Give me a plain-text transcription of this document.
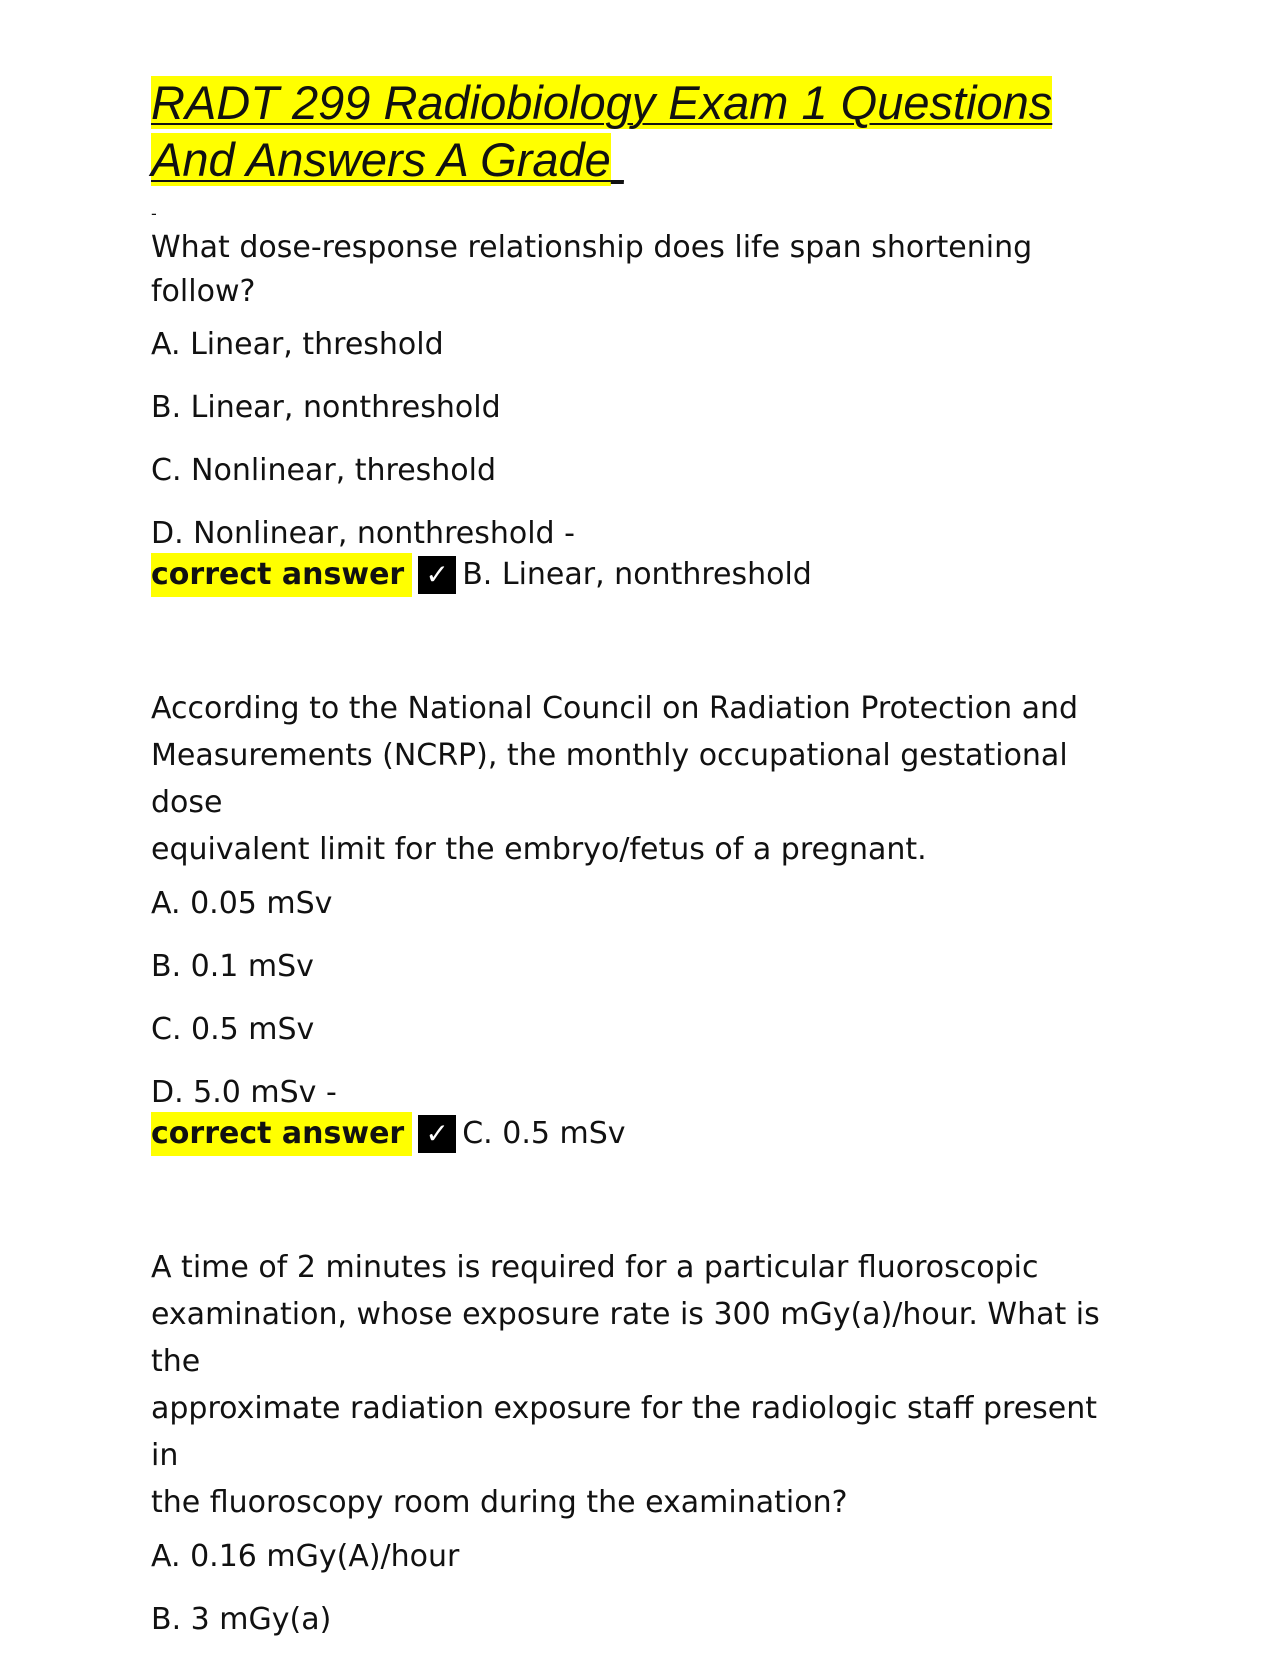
RADT 299 Radiobiology Exam 1 Questions
And Answers A Grade
-

What dose-response relationship does life span shortening follow?

A. Linear, threshold

B. Linear, nonthreshold

C. Nonlinear, threshold

D. Nonlinear, nonthreshold -

correct answer ✓ B. Linear, nonthreshold

According to the National Council on Radiation Protection and

Measurements (NCRP), the monthly occupational gestational dose

equivalent limit for the embryo/fetus of a pregnant.

A. 0.05 mSv

B. 0.1 mSv

C. 0.5 mSv

D. 5.0 mSv -

correct answer ✓ C. 0.5 mSv

A time of 2 minutes is required for a particular fluoroscopic

examination, whose exposure rate is 300 mGy(a)/hour. What is the

approximate radiation exposure for the radiologic staff present in

the fluoroscopy room during the examination?

A. 0.16 mGy(A)/hour

B. 3 mGy(a)
